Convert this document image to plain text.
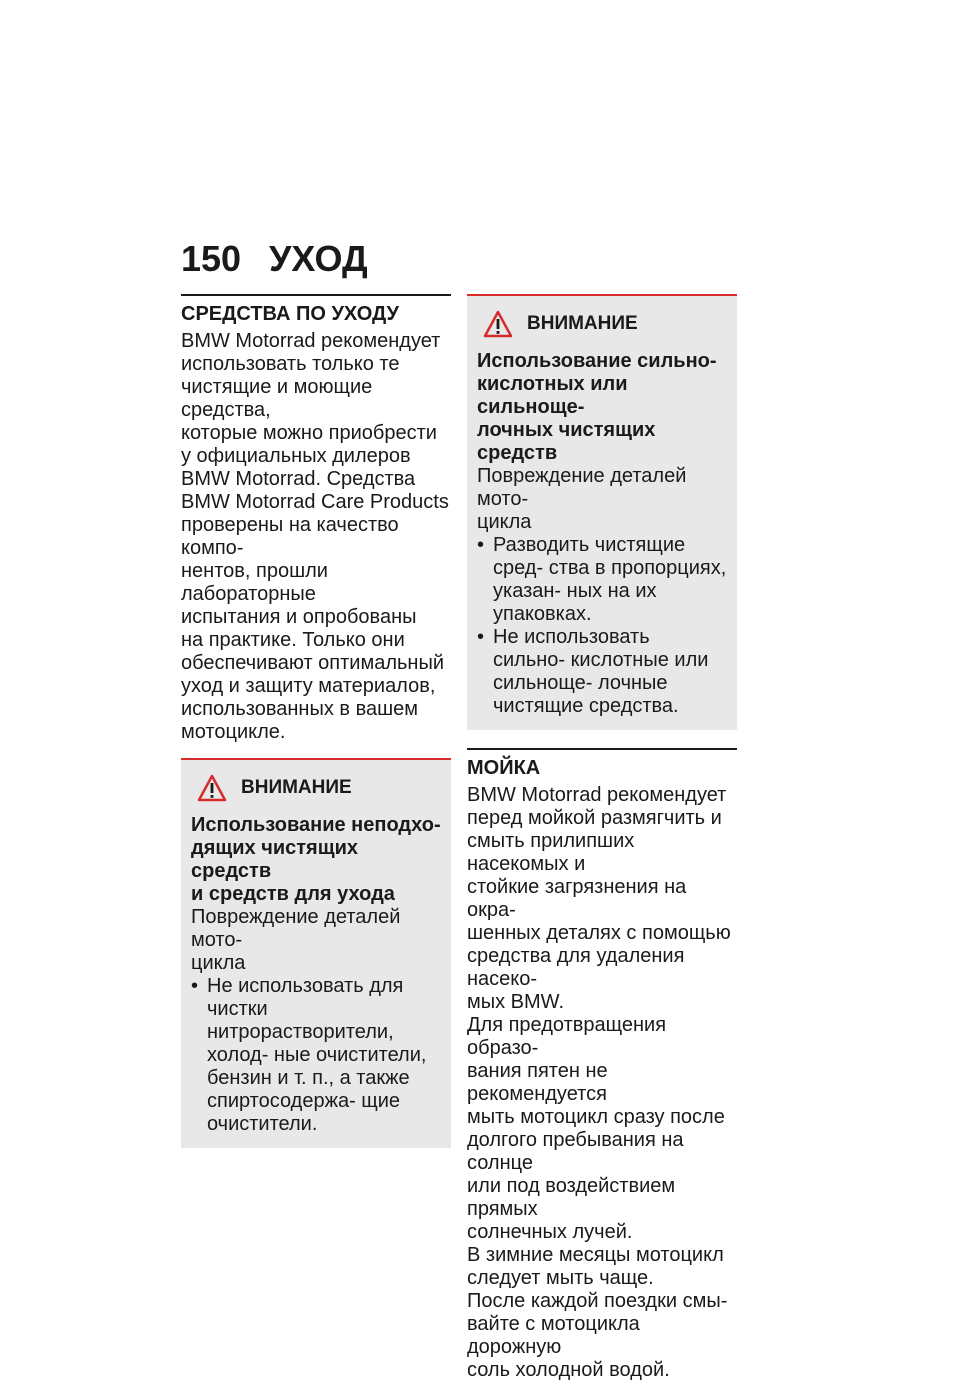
150 УХОД
СРЕДСТВА ПО УХОДУ

BMW Motorrad рекомендует

использовать только те

чистящие и моющие средства,

которые можно приобрести

у официальных дилеров

BMW Motorrad. Средства

BMW Motorrad Care Products

проверены на качество компо-

нентов, прошли лабораторные

испытания и опробованы

на практике. Только они

обеспечивают оптимальный

уход и защиту материалов,

использованных в вашем

мотоцикле.

ВНИМАНИЕ

Использование неподхо-

дящих чистящих средств

и средств для ухода

Повреждение деталей мото-

цикла

• Не использовать для чистки нитрорастворители, холод- ные очистители, бензин и т. п., а также спиртосодержа- щие очистители.
ВНИМАНИЕ

Использование сильно-

кислотных или сильноще-

лочных чистящих средств

Повреждение деталей мото-

цикла

• Разводить чистящие сред- ства в пропорциях, указан- ных на их упаковках.
• Не использовать сильно- кислотные или сильноще- лочные чистящие средства.
МОЙКА

BMW Motorrad рекомендует

перед мойкой размягчить и

смыть прилипших насекомых и

стойкие загрязнения на окра-

шенных деталях с помощью

средства для удаления насеко-

мых BMW.

Для предотвращения образо-

вания пятен не рекомендуется

мыть мотоцикл сразу после

долгого пребывания на солнце

или под воздействием прямых

солнечных лучей.

В зимние месяцы мотоцикл

следует мыть чаще.

После каждой поездки смы-

вайте с мотоцикла дорожную

соль холодной водой.
